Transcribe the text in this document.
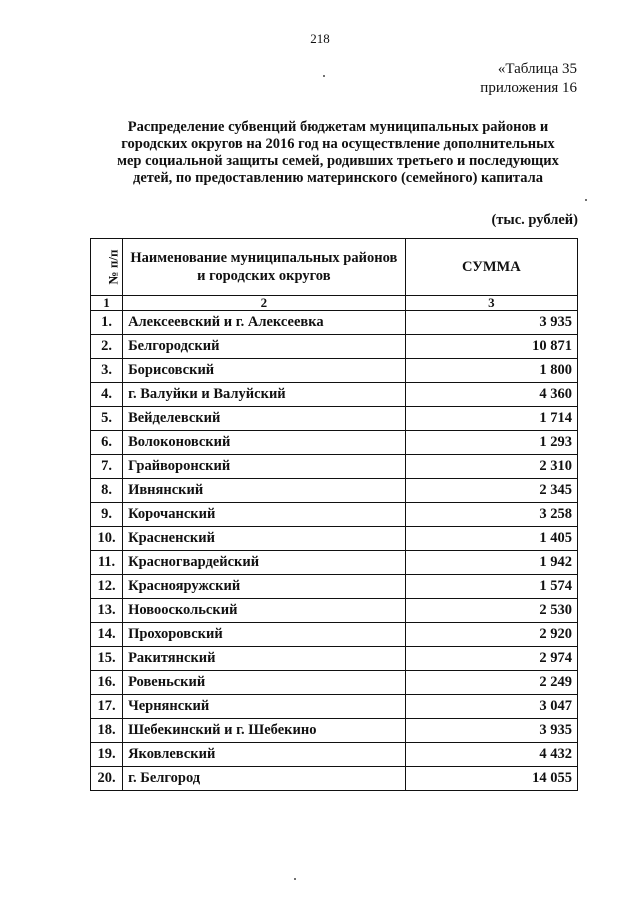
218
«Таблица 35
приложения 16
Распределение субвенций бюджетам муниципальных районов и
городских округов на 2016 год на осуществление дополнительных
мер социальной защиты семей, родивших третьего и последующих
детей, по предоставлению материнского (семейного) капитала
(тыс. рублей)
№ п/п	Наименование муниципальных районов
и городских округов	СУММА
1	2	3
1.	Алексеевский и г. Алексеевка	3 935
2.	Белгородский	10 871
3.	Борисовский	1 800
4.	г. Валуйки и Валуйский	4 360
5.	Вейделевский	1 714
6.	Волоконовский	1 293
7.	Грайворонский	2 310
8.	Ивнянский	2 345
9.	Корочанский	3 258
10.	Красненский	1 405
11.	Красногвардейский	1 942
12.	Краснояружский	1 574
13.	Новооскольский	2 530
14.	Прохоровский	2 920
15.	Ракитянский	2 974
16.	Ровеньский	2 249
17.	Чернянский	3 047
18.	Шебекинский и г. Шебекино	3 935
19.	Яковлевский	4 432
20.	г. Белгород	14 055
